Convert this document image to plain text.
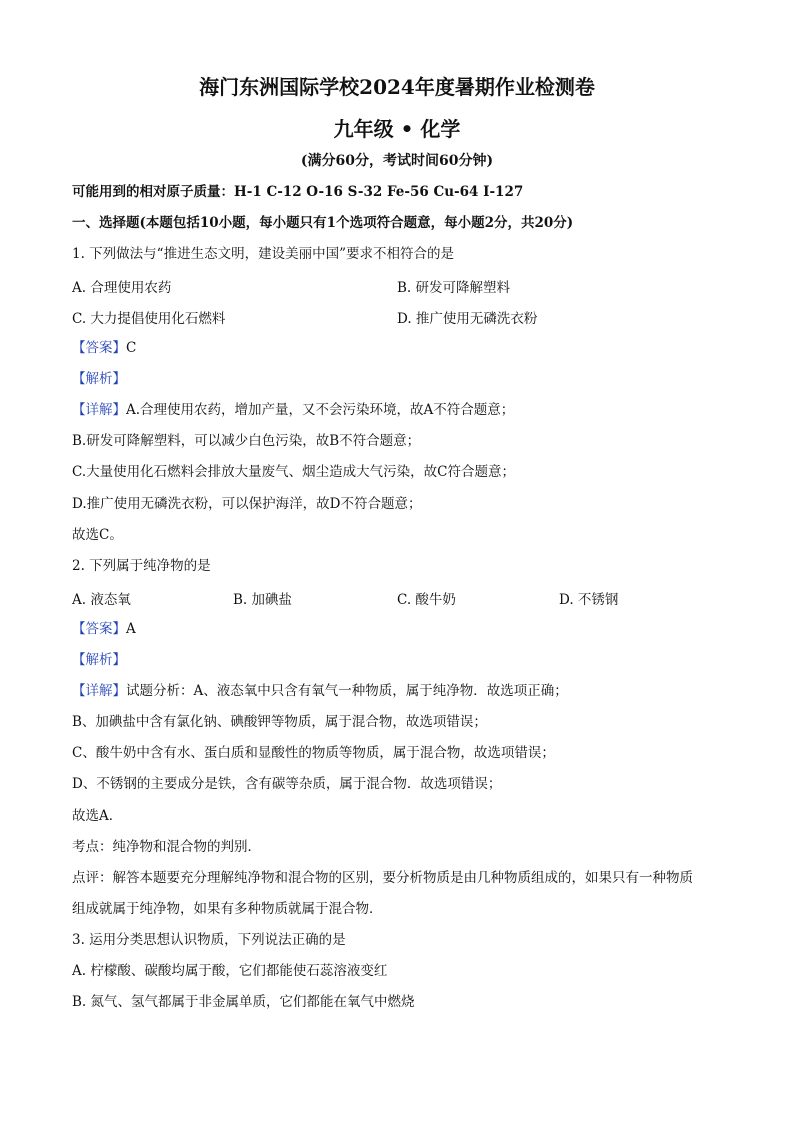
海门东洲国际学校2024年度暑期作业检测卷
九年级 • 化学
(满分60分，考试时间60分钟)
可能用到的相对原子质量：H-1 C-12 O-16 S-32 Fe-56 Cu-64 I-127
一、选择题(本题包括10小题，每小题只有1个选项符合题意，每小题2分，共20分)
1. 下列做法与“推进生态文明，建设美丽中国”要求不相符合的是
A. 合理使用农药	B. 研发可降解塑料
C. 大力提倡使用化石燃料	D. 推广使用无磷洗衣粉
【答案】C
【解析】
【详解】A.合理使用农药，增加产量，又不会污染环境，故A不符合题意；
B.研发可降解塑料，可以减少白色污染，故B不符合题意；
C.大量使用化石燃料会排放大量废气、烟尘造成大气污染，故C符合题意；
D.推广使用无磷洗衣粉，可以保护海洋，故D不符合题意；
故选C。
2. 下列属于纯净物的是
A. 液态氧	B. 加碘盐	C. 酸牛奶	D. 不锈钢
【答案】A
【解析】
【详解】试题分析：A、液态氧中只含有氧气一种物质，属于纯净物．故选项正确；
B、加碘盐中含有氯化钠、碘酸钾等物质，属于混合物，故选项错误；
C、酸牛奶中含有水、蛋白质和显酸性的物质等物质，属于混合物，故选项错误；
D、不锈钢的主要成分是铁，含有碳等杂质，属于混合物．故选项错误；
故选A．
考点：纯净物和混合物的判别．
点评：解答本题要充分理解纯净物和混合物的区别，要分析物质是由几种物质组成的，如果只有一种物质
组成就属于纯净物，如果有多种物质就属于混合物．
3. 运用分类思想认识物质，下列说法正确的是
A. 柠檬酸、碳酸均属于酸，它们都能使石蕊溶液变红
B. 氮气、氢气都属于非金属单质，它们都能在氧气中燃烧
